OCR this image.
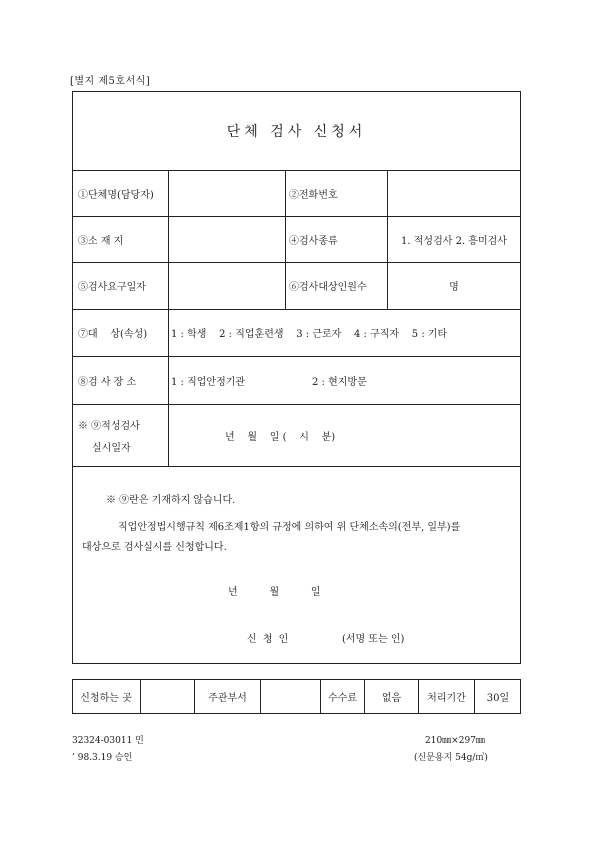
[별지 제5호서식]
단체 검사 신청서
①단체명(담당자)	②전화번호
③소 재 지	④검사종류	1. 적성검사 2. 흥미검사
⑤검사요구일자	⑥검사대상인원수	명
⑦대    상(속성)	1 : 학생    2 : 직업훈련생    3 : 근로자    4 : 구직자    5 : 기타
⑧검 사 장 소	1 : 직업안정기관	2 : 현지방문
※ ⑨적성검사
실시일자
년    월    일 (    시    분)
※ ⑨란은 기재하지 않습니다.
직업안정법시행규칙 제6조제1항의 규정에 의하여 위 단체소속의(전부, 일부)를
대상으로 검사실시를 신청합니다.
년          월          일
신 청 인	(서명 또는 인)
신청하는 곳	주관부서	수수료	없음	처리기간	30일
32324-03011 민
’ 98.3.19 승인
210㎜×297㎜
(신문용지 54g/㎡)
